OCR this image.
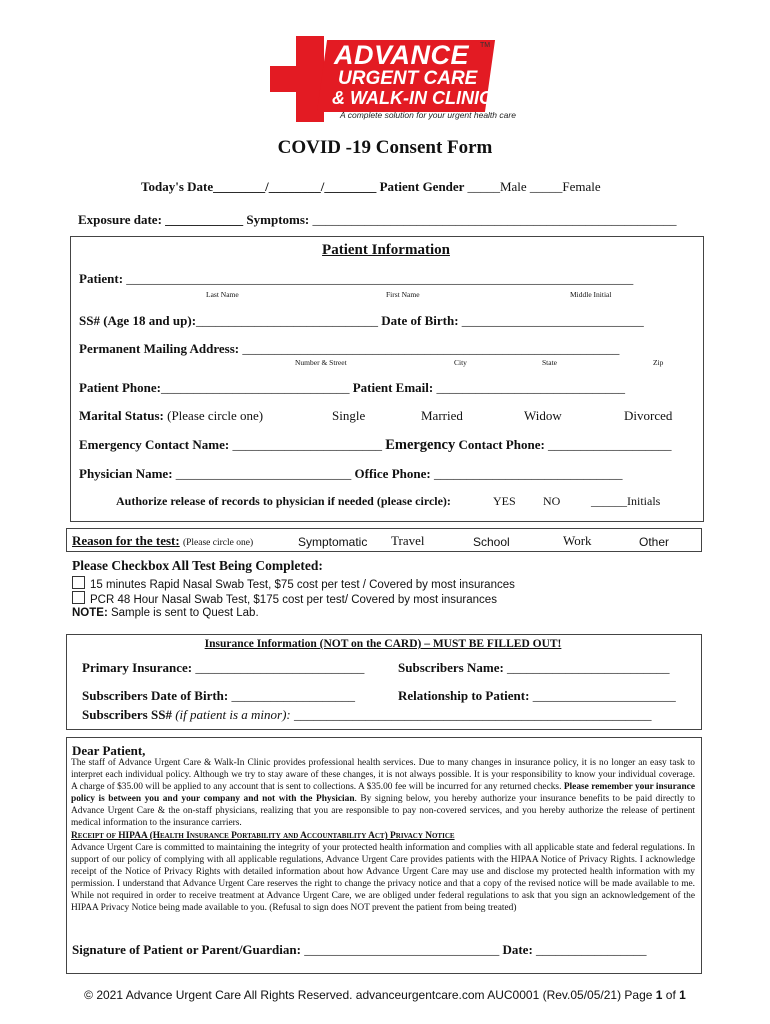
ADVANCE TM
URGENT CARE
& WALK-IN CLINIC
A complete solution for your urgent health care
COVID -19 Consent Form
Today's Date________/________/________ Patient Gender _____Male _____Female
Exposure date: ____________ Symptoms: ________________________________________________________
Patient Information
Patient: ______________________________________________________________________________
Last Name	First Name	Middle Initial
SS# (Age 18 and up):____________________________ Date of Birth: ____________________________
Permanent Mailing Address: __________________________________________________________
Number & Street	City	State	Zip
Patient Phone:_____________________________ Patient Email: _____________________________
Marital Status: (Please circle one)	Single	Married	Widow	Divorced
Emergency Contact Name: _______________________ Emergency Contact Phone: ___________________
Physician Name: ___________________________ Office Phone: _____________________________
Authorize release of records to physician if needed (please circle):	YES NO	______Initials
Reason for the test: (Please circle one)	Symptomatic Travel	School	Work	Other
Please Checkbox All Test Being Completed:
15 minutes Rapid Nasal Swab Test, $75 cost per test / Covered by most insurances
PCR 48 Hour Nasal Swab Test, $175 cost per test/ Covered by most insurances
NOTE: Sample is sent to Quest Lab.
Insurance Information (NOT on the CARD) – MUST BE FILLED OUT!
Primary Insurance: __________________________	Subscribers Name: _________________________
Subscribers Date of Birth: ___________________	Relationship to Patient: ______________________
Subscribers SS# (if patient is a minor): _______________________________________________________
Dear Patient,
The staff of Advance Urgent Care & Walk-In Clinic provides professional health services. Due to many changes in insurance policy, it is no longer an easy task to interpret each individual policy. Although we try to stay aware of these changes, it is not always possible. It is your responsibility to know your individual coverage. A charge of $35.00 will be applied to any account that is sent to collections. A $35.00 fee will be incurred for any returned checks. Please remember your insurance policy is between you and your company and not with the Physician. By signing below, you hereby authorize your insurance benefits to be paid directly to Advance Urgent Care & the on-staff physicians, realizing that you are responsible to pay non-covered services, and you hereby authorize the release of pertinent medical information to the insurance carriers.
Receipt of HIPAA (Health Insurance Portability and Accountability Act) Privacy Notice
Advance Urgent Care is committed to maintaining the integrity of your protected health information and complies with all applicable state and federal regulations. In support of our policy of complying with all applicable regulations, Advance Urgent Care provides patients with the HIPAA Notice of Privacy Rights. I acknowledge receipt of the Notice of Privacy Rights with detailed information about how Advance Urgent Care may use and disclose my protected health information with my permission. I understand that Advance Urgent Care reserves the right to change the privacy notice and that a copy of the revised notice will be made available to me. While not required in order to receive treatment at Advance Urgent Care, we are obliged under federal regulations to ask that you sign an acknowledgement of the HIPAA Privacy Notice being made available to you. (Refusal to sign does NOT prevent the patient from being treated)
Signature of Patient or Parent/Guardian: ______________________________ Date: _________________
© 2021 Advance Urgent Care All Rights Reserved. advanceurgentcare.com AUC0001 (Rev.05/05/21) Page 1 of 1
